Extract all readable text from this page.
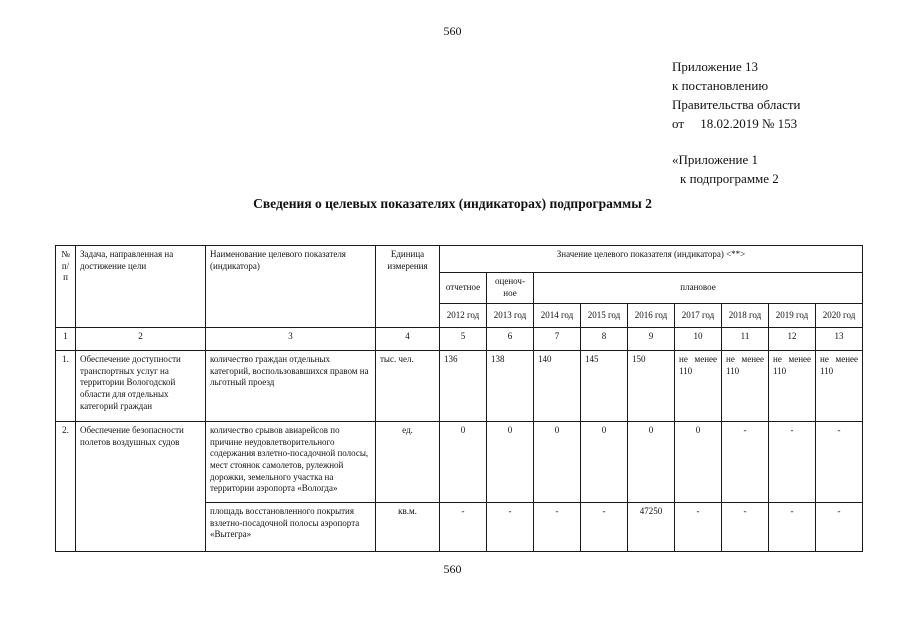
560
Приложение 13
к постановлению
Правительства области
от     18.02.2019 № 153
«Приложение 1
к подпрограмме 2
Сведения о целевых показателях (индикаторах) подпрограммы 2
№ п/п	Задача, направленная на достижение цели	Наименование целевого показателя (индикатора)	Единица измерения	Значение целевого показателя (индикатора) <**>								
				отчетное	оценоч-ное	плановое						
				2012 год	2013 год	2014 год	2015 год	2016 год	2017 год	2018 год	2019 год	2020 год
1	2	3	4	5	6	7	8	9	10	11	12	13
1.	Обеспечение доступности транспортных услуг на территории Вологодской области для отдельных категорий граждан	количество граждан отдельных категорий, воспользовавшихся правом на льготный проезд	тыс. чел.	136	138	140	145	150	не менее 110	не менее 110	не менее 110	не менее 110
2.	Обеспечение безопасности полетов воздушных судов	количество срывов авиарейсов по причине неудовлетворительного содержания взлетно-посадочной полосы, мест стоянок самолетов, рулежной дорожки, земельного участка на территории аэропорта «Вологда»	ед.	0	0	0	0	0	0	-	-	-
		площадь восстановленного покрытия взлетно-посадочной полосы аэропорта «Вытегра»	кв.м.	-	-	-	-	47250	-	-	-	-
560
